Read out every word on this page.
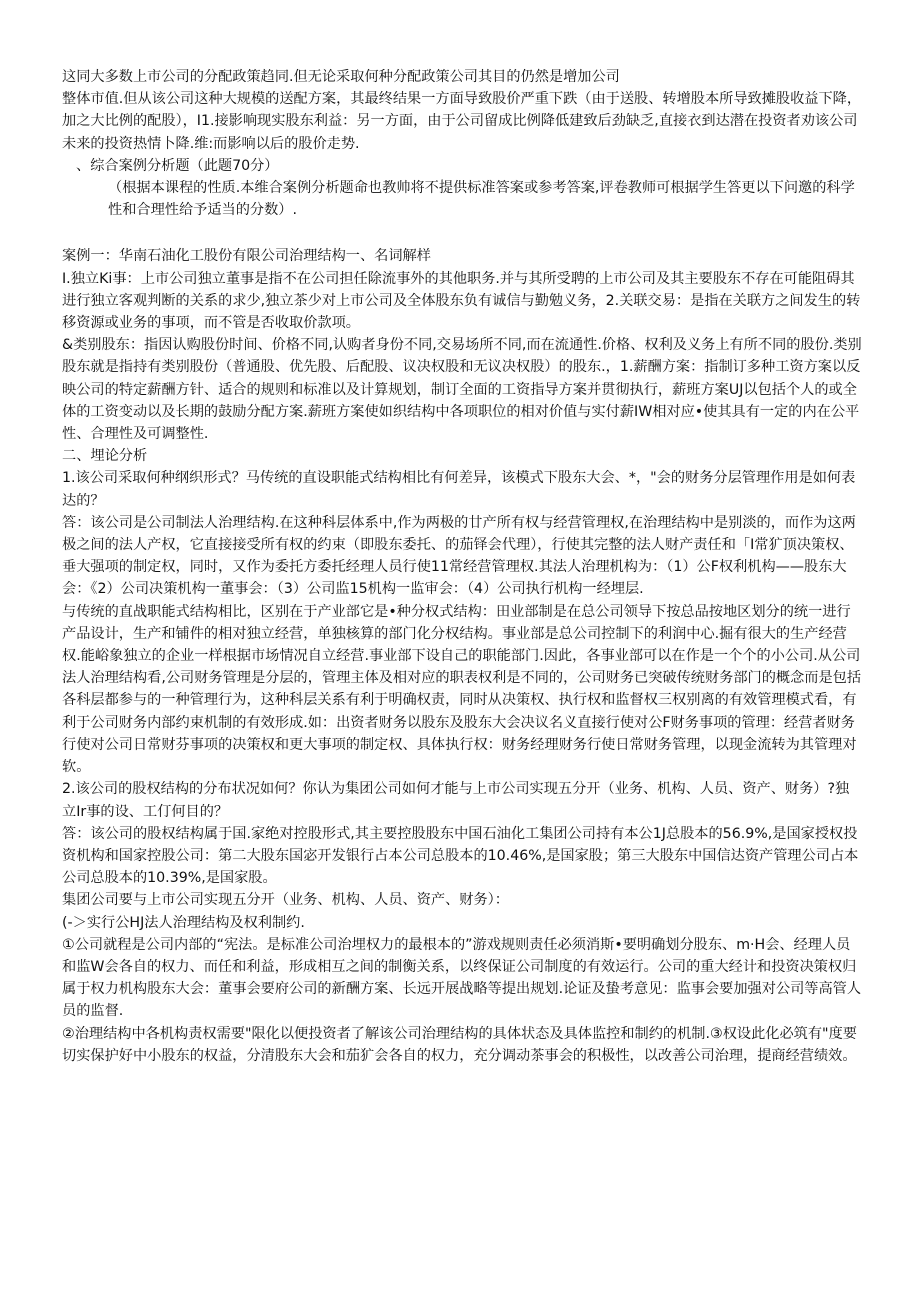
这同大多数上市公司的分配政策趋同.但无论采取何种分配政策公司其目的仍然是增加公司

整体市值.但从该公司这种大规模的送配方案，其最终结果一方面导致股价严重下跌（由于送股、转增股本所导致摊股收益下降，加之大比例的配股），I1.接影响现实股东利益：另一方面，由于公司留成比例降低建致后劲缺乏,直接衣到达潜在投资者劝该公司未来的投资热情卜降.维:而影响以后的股价走势.

、综合案例分析题（此题70分）

（根据本课程的性质.本维合案例分析题命也教帅将不提供标准答案或参考答案,评卷教师可根据学生答更以下问邀的科学性和合理性给予适当的分数）.

案例一：华南石油化工股份有限公司治理结构一、名词解样

I.独立Ki事：上市公司独立董事是指不在公司担任除流事外的其他职务.并与其所受聘的上市公司及其主要股东不存在可能阻碍其进行独立客观判断的关系的求少,独立茶少对上市公司及全体股东负有诚信与勤勉义务，2.关联交易：是指在关联方之间发生的转移资源或业务的事项，而不管是否收取价款项。

&类别股东：指因认购股份时间、价格不同,认购者身份不同,交易场所不同,而在流通性.价格、权利及义务上有所不同的股份.类别股东就是指持有类别股份（普通股、优先股、后配股、议决权股和无议决权股）的股东.，1.薪酬方案：指制订多种工资方案以反映公司的特定薪酬方针、适合的规则和标准以及计算规划，制订全面的工资指导方案并贯彻执行，薪班方案UJ以包括个人的或全体的工资变动以及长期的鼓励分配方案.薪班方案使如织结构中各项职位的相对价值与实付薪IW相对应•使其具有一定的内在公平性、合理性及可调整性.

二、埋论分析

1.该公司采取何种纲织形式？马传统的直设职能式结构相比有何差异，该模式下股东大会、*，"会的财务分层管理作用是如何表达的？

答：该公司是公司制法人治理结构.在这种科层体系中,作为两极的廿产所有权与经营管理权,在治理结构中是别淡的，而作为这两极之间的法人产权，它直接接受所有权的约束（即股东委托、的茄铎会代理），行使其完整的法人财产责任和「I常犷顶决策权、垂大强项的制定权，同时，又作为委托方委托经理人员行使11常经营管理权.其法人治理机构为：（1）公F权利机构——股东大会：《2）公司决策机构一董事会：（3）公司监15机构一监审会：（4）公司执行机构一经埋层.

与传统的直战职能式结构相比，区别在于产业部它是•种分权式结构：田业部制是在总公司领导下按总品按地区划分的统一进行产品设计，生产和铺件的相对独立经营，单独核算的部门化分权结构。事业部是总公司控制下的利润中心.掘有很大的生产经营权.能峪象独立的企业一样根据市场情况自立经营.事业部下设自己的职能部门.因此，各事业部可以在作是一个个的小公司.从公司法人治理结构看,公司财务管理是分层的，管理主体及相对应的职表权利是不同的，公司财务已突破传统财务部门的概念而是包括各科层都参与的一种管理行为，这种科层关系有利于明确权责，同时从决策权、执行权和监督权三权别离的有效管理模式看，有利于公司财务内部约束机制的有效形成.如：出资者财务以股东及股东大会决议名义直接行使对公F财务事项的管理：经营者财务行使对公司日常财芬事项的决策权和更大事项的制定权、具体执行权：财务经理财务行使日常财务管理，以现金流转为其管理对软。

2.该公司的股权结构的分布状况如何？你认为集团公司如何才能与上市公司实现五分开（业务、机构、人员、资产、财务）?独立Ir事的设、工仃何目的？

答：该公司的股权结构属于国.家绝对控股形式,其主要控股股东中国石油化工集团公司持有本公1J总股本的56.9%,是国家授权投资机构和国家控股公司：第二大股东国宓开发银行占本公司总股本的10.46%,是国家股；第三大股东中国信达资产管理公司占本公司总股本的10.39%,是国家股。

集团公司要与上市公司实现五分开（业务、机构、人员、资产、财务）：

(-＞实行公HJ法人治理结构及权利制约.

①公司就程是公司内部的“宪法。是标准公司治埋权力的最根本的”游戏规则责任必须消斯•要明确划分股东、m·H会、经理人员和监W会各自的权力、而任和利益，形成相互之间的制衡关系，以终保证公司制度的有效运行。公司的重大经计和投资决策权归属于权力机构股东大会：董事会要府公司的新酬方案、长远开展战略等提出规划.论证及蛰考意见：监事会要加强对公司等高管人员的监督.

②治理结构中各机构责权需要"限化以便投资者了解该公司治理结构的具体状态及具体监控和制约的机制.③权设此化必筑有"度要切实保护好中小股东的权益，分清股东大会和茄犷会各自的权力，充分调动茶事会的积极性，以改善公司治理，提商经营绩效。
